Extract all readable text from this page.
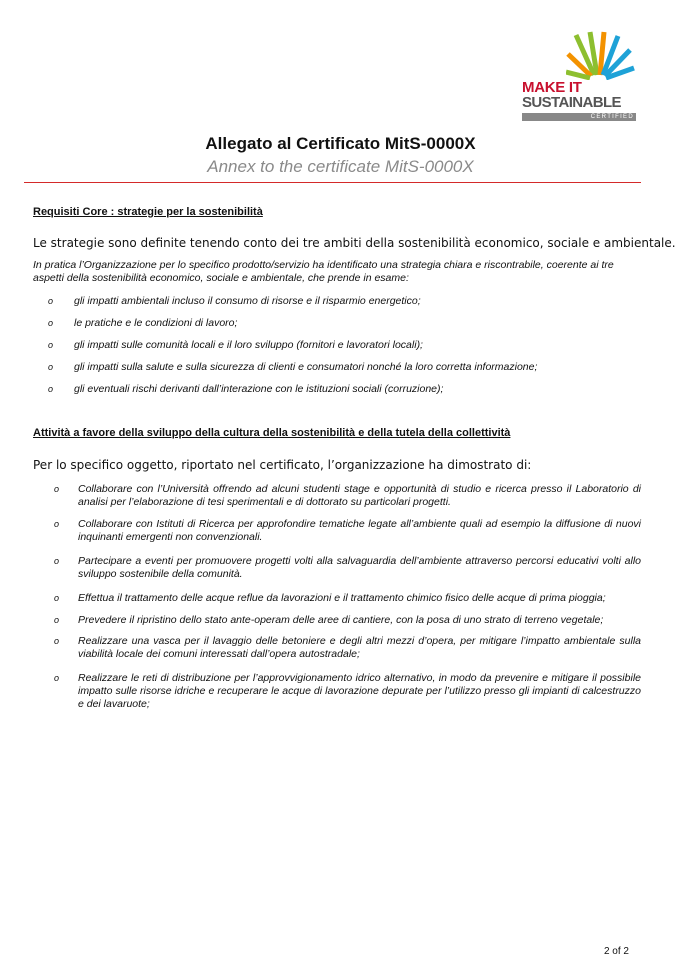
MAKE IT
SUSTAINABLE
CERTIFIED
Allegato al Certificato MitS-0000X
Annex to the certificate MitS-0000X
Requisiti Core : strategie per la sostenibilità
Le strategie sono definite tenendo conto dei tre ambiti della sostenibilità economico, sociale e ambientale.
In pratica l’Organizzazione per lo specifico prodotto/servizio ha identificato una strategia chiara e riscontrabile, coerente ai tre aspetti della sostenibilità economico, sociale e ambientale, che prende in esame:
o gli impatti ambientali incluso il consumo di risorse e il risparmio energetico;
o le pratiche e le condizioni di lavoro;
o gli impatti sulle comunità locali e il loro sviluppo (fornitori e lavoratori locali);
o gli impatti sulla salute e sulla sicurezza di clienti e consumatori nonché la loro corretta informazione;
o gli eventuali rischi derivanti dall’interazione con le istituzioni sociali (corruzione);
Attività a favore della sviluppo della cultura della sostenibilità e della tutela della collettività
Per lo specifico oggetto, riportato nel certificato, l’organizzazione ha dimostrato di:
o Collaborare con l’Università offrendo ad alcuni studenti stage e opportunità di studio e ricerca presso il Laboratorio di analisi per l’elaborazione di tesi sperimentali e di dottorato su particolari progetti.
o Collaborare con Istituti di Ricerca per approfondire tematiche legate all’ambiente quali ad esempio la diffusione di nuovi inquinanti emergenti non convenzionali.
o Partecipare a eventi per promuovere progetti volti alla salvaguardia dell’ambiente attraverso percorsi educativi volti allo sviluppo sostenibile della comunità.
o Effettua il trattamento delle acque reflue da lavorazioni e il trattamento chimico fisico delle acque di prima pioggia;
o Prevedere il ripristino dello stato ante-operam delle aree di cantiere, con la posa di uno strato di terreno vegetale;
o Realizzare una vasca per il lavaggio delle betoniere e degli altri mezzi d’opera, per mitigare l’impatto ambientale sulla viabilità locale dei comuni interessati dall’opera autostradale;
o Realizzare le reti di distribuzione per l’approvvigionamento idrico alternativo, in modo da prevenire e mitigare il possibile impatto sulle risorse idriche e recuperare le acque di lavorazione depurate per l’utilizzo presso gli impianti di calcestruzzo e dei lavaruote;
2 of 2
